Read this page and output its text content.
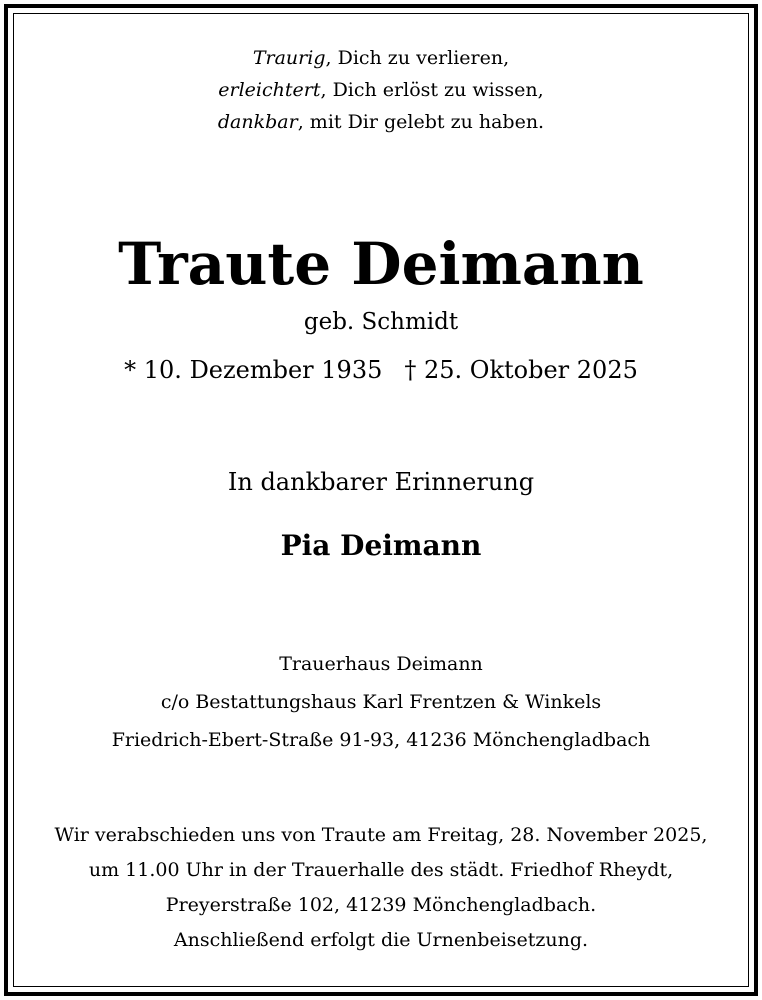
Traurig, Dich zu verlieren,
erleichtert, Dich erlöst zu wissen,
dankbar, mit Dir gelebt zu haben.
Traute Deimann
geb. Schmidt
* 10. Dezember 1935 † 25. Oktober 2025
In dankbarer Erinnerung
Pia Deimann
Trauerhaus Deimann
c/o Bestattungshaus Karl Frentzen & Winkels
Friedrich-Ebert-Straße 91-93, 41236 Mönchengladbach
Wir verabschieden uns von Traute am Freitag, 28. November 2025,
um 11.00 Uhr in der Trauerhalle des städt. Friedhof Rheydt,
Preyerstraße 102, 41239 Mönchengladbach.
Anschließend erfolgt die Urnenbeisetzung.
